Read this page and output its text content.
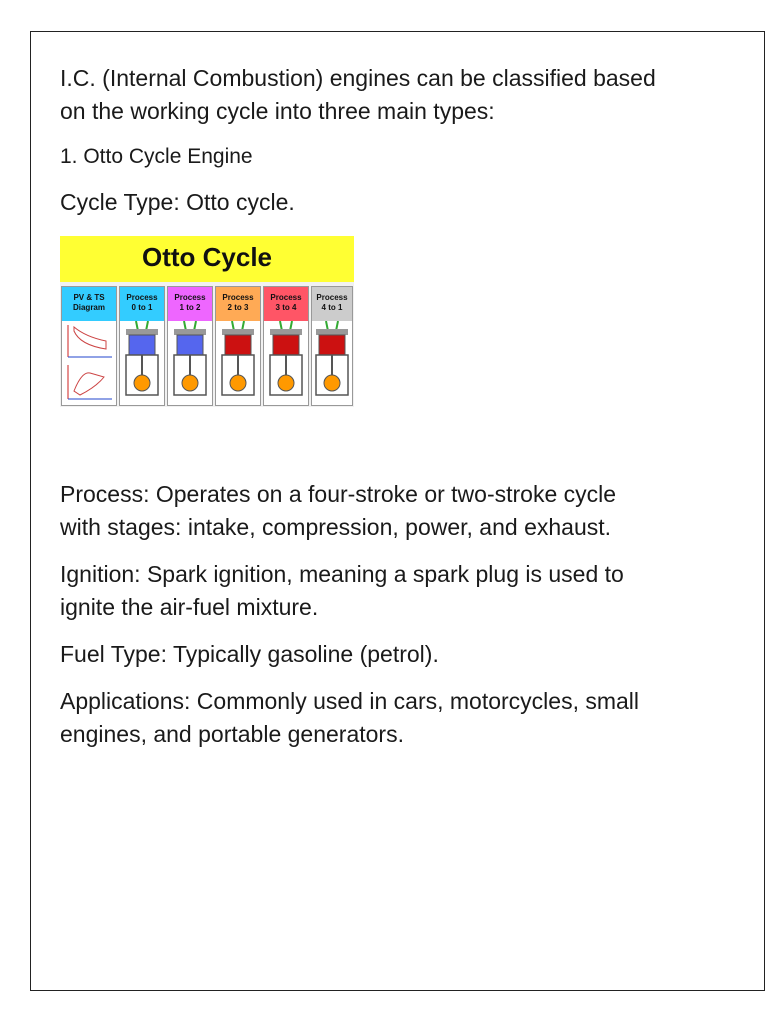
I.C. (Internal Combustion) engines can be classified based on the working cycle into three main types:

1. Otto Cycle Engine

Cycle Type: Otto cycle.

Otto Cycle
PV & TS
Diagram
Process
0 to 1
Process
1 to 2
Process
2 to 3
Process
3 to 4
Process
4 to 1

Process: Operates on a four-stroke or two-stroke cycle with stages: intake, compression, power, and exhaust.

Ignition: Spark ignition, meaning a spark plug is used to ignite the air-fuel mixture.

Fuel Type: Typically gasoline (petrol).

Applications: Commonly used in cars, motorcycles, small engines, and portable generators.
